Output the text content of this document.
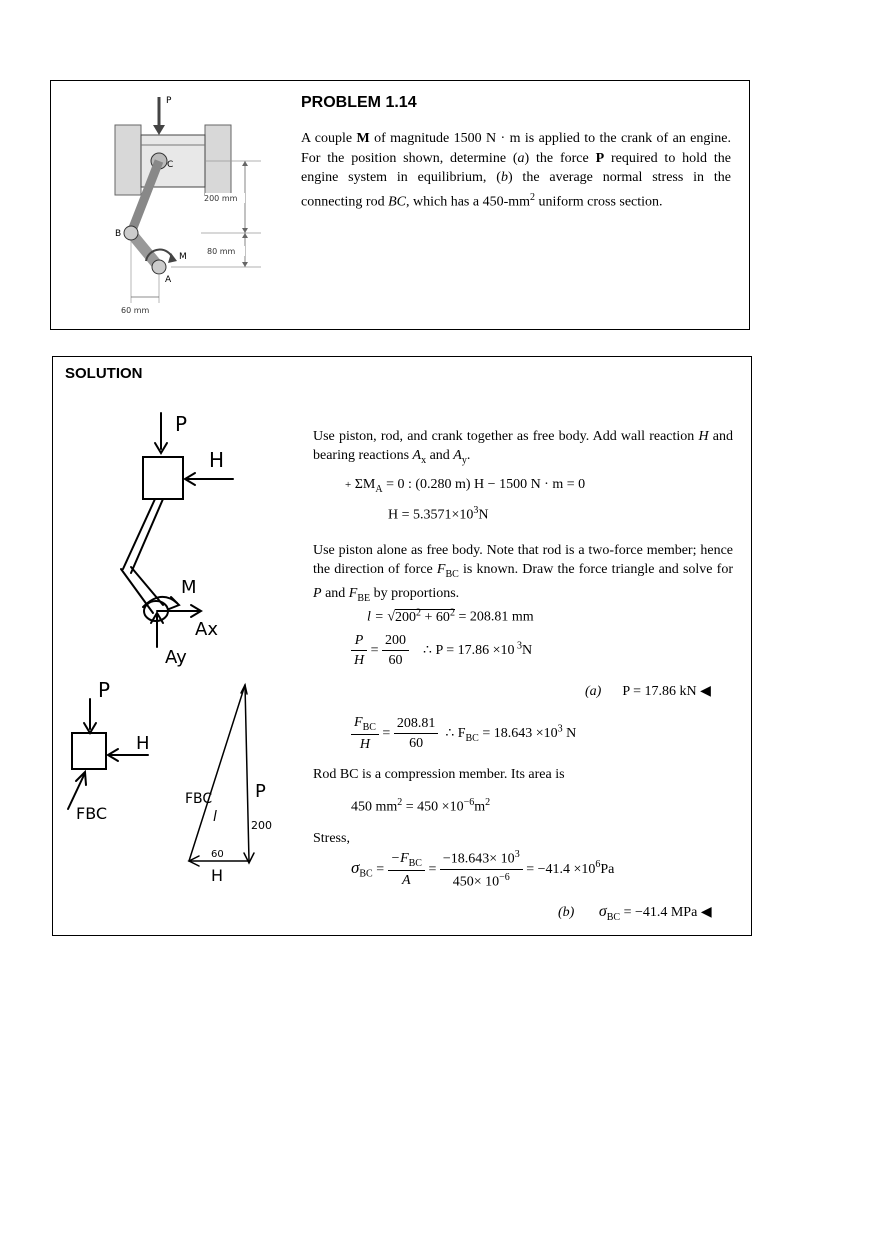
P
C
B
A
M
200 mm
80 mm
60 mm
PROBLEM 1.14
A couple M of magnitude 1500 N · m is applied to the crank of an engine. For the position shown, determine (a) the force P required to hold the engine system in equilibrium, (b) the average normal stress in the connecting rod BC, which has a $450-mm^2$ uniform cross section.
SOLUTION
P
H
M
Ax
Ay
P
H
FBC
FBC
l
P
200
60
H
Use piston, rod, and crank together as free body. Add wall reaction H and bearing reactions $A_x$ and $A_y$.
+ $\Sigma M_A = 0$ : (0.280 m) H − 1500 N · m = 0
$H = 5.3571\times 10^3N$
Use piston alone as free body. Note that rod is a two-force member; hence the direction of force $F_{BC}$ is known. Draw the force triangle and solve for P and $F_{BE}$ by proportions.
$l = √200^2 + 60^2 = 208.81$ mm
$\frac{P}{H} = \frac{200}{60}$ ∴ P = 17.86 ×10 $^3$N
(a) P = 17.86 kN ◀
$\frac{F_{BC}}{H} = \frac{208.81}{60}$ ∴ $F_{BC} = 18.643 \times 10^3$ N
Rod BC is a compression member. Its area is
450 $mm^2 = 450 \times 10^{-6}m^2$
Stress,
$\sigma_{BC} = \frac{-F_{BC}}{A} = \frac{-18.643\times 10^3}{450\times 10^{-6}} = -41.4 \times 10^6Pa$
(b) $\sigma_{BC} = -41.4$ MPa ◀
